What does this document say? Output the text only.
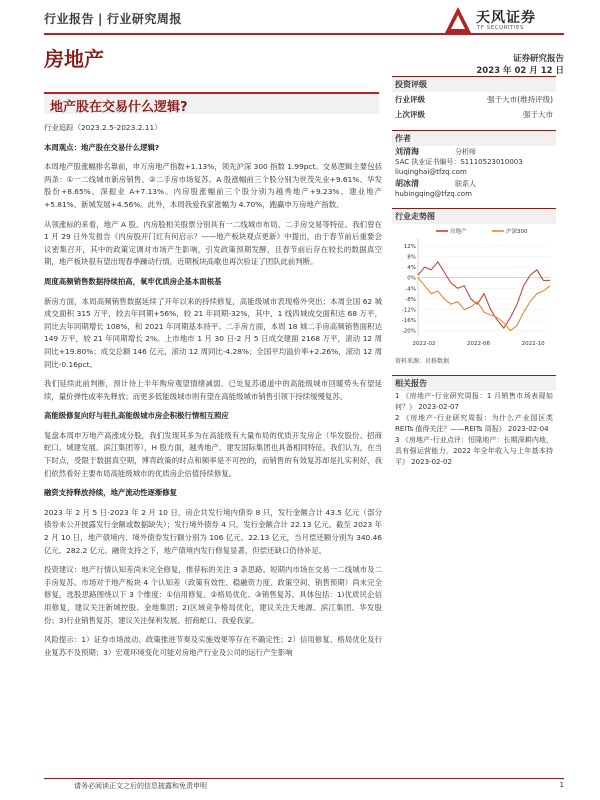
行业报告 | 行业研究周报	天风证券
TF SECURITIES
房地产	证券研究报告
2023 年 02 月 12 日
地产股在交易什么逻辑?

行业追踪（2023.2.5-2023.2.11）

本周观点：地产股在交易什么逻辑?

本周地产股涨幅排名靠前，申万房地产指数+1.13%，领先沪深 300 指数 1.99pct。交易逻辑主要包括两条：①一二线城市新房销售、②二手房市场复苏。A 股涨幅前三个股分别为世茂先业+9.61%、华发股份+8.65%、深振业 A+7.13%。内房股涨幅前三个股分别为越秀地产+9.23%、建业地产+5.81%、新城发展+4.56%。此外，本周我爱我家涨幅为 4.70%，跑赢申万房地产指数。

从领涨标的来看，地产 A 股、内房股相关股票分别具有一二线城市布局、二手房交易等特征。我们曾在 1 月 29 日外发报告《内房股开门红有何启示？——地产板块观点更新》中提出，由于春节前后重要会议密集召开，其中的政策定调对市场产生影响，引发政策预期发酵，且春节前后存在较长的数据真空期，地产板块很有望出现春季躁动行情，近期板块高歌也再次验证了团队此前判断。

周度高频销售数据持续拍高，氧牢优质房企基本面根基

新房方面，本周高频销售数据延续了开年以来的持续修复，高能级城市表现格外突出；本周全国 62 城成交面积 315 万平，较去年同期+56%，较 21 年同期-32%，其中，1 线四城成交面积达 68 万平，同比去年同期增长 108%，和 2021 年同期基本持平。二手房方面，本周 18 城二手房高频销售面积达 149 万平，较 21 年同期增长 2%。上市地市 1 月 30 日-2 月 5 日成交建面 2168 万平，滚动 12 周同比+19.80%；成交总额 146 亿元，滚动 12 周同比-4.28%；全国平均溢价率+2.26%，滚动 12 周同比-0.16pct。

我们延续此前判断，预计待上半年购房观望情绪减弱、已处复苏通道中的高能级城市回暖势头有望延续，量价弹性或率先释放；而更多低能级城市则有望在高能级城市销售引领下持续缓慢复苏。

高能级修复向好与驻扎高能级城市房企积极行情相互照应

复盘本周申万地产高涨成分股，我们发现其多为在高能级有大量布局的优质开发房企（华发股份、招商蛇口、城建发展、滨江集团等），H 股方面，越秀地产、建发国际集团也具备相同特征。我们认为，在当下时点，受限于数据真空期，博弈政策的时点和频率是不可控的，而销售的有效复苏却是扎实利好，我们依然看好主要布局高能级城市的优质房企估值持续修复。

融资支持释放持续，地产流动性逐渐修复

2023 年 2 月 5 日-2023 年 2 月 10 日，房企共发行境内债券 8 只，发行金额合计 43.5 亿元（部分债券未公开披露发行金额或数据缺失）；发行境外债券 4 只，发行金额合计 22.13 亿元。截至 2023 年 2 月 10 日，地产债境内、境外债券发行额分别为 106 亿元、22.13 亿元，当月偿还额分别为 340.46 亿元、282.2 亿元。融资支持之下，地产债境内发行修复显著，但偿还缺口仍待补足。

投资建议：地产行情认知差尚未完全修复，推荐标的关注 3 条思路。短期内市场在交易一二线城市及二手房复苏。市场对于地产板块 4 个认知差（政策有效性、稳融资力度、政策空间、销售预期）尚未完全修复，选股思路围绕以下 3 个维度：①信用修复、②格局优化、③销售复苏，具体包括：1)优质民企信用修复，建议关注新城控股、金地集团；2)区域竞争格局优化，建议关注天地源、滨江集团、华发股份；3)行业销售复苏，建议关注保利发展、招商蛇口、我爱我家。

风险提示：1）证券市场波动、政策推进节奏及实施效果等存在不确定性；2）信用修复、格局优化及行业复苏不及预期；3）宏观环境变化可能对房地产行业及公司的运行产生影响

投资评级
行业评级	强于大市(维持评级)
上次评级	强于大市
作者
刘清海	分析师
SAC 执业证书编号：S1110523010003
liuqinghai@tfzq.com
胡冰清	联系人
hubingqing@tfzq.com
行业走势图
12%
8%
4%
0%
-4%
-8%
-12%
-16%
-20%
2022-02	2022-06	2022-10
房地产	沪深300
资料来源：贝格数据
相关报告

1 《房地产-行业研究周报：1 月销售市场表现如何？》 2023-02-07

2 《房地产-行业研究周报：为什么产业园区类 REITs 值得关注？——REITs 周报》 2023-02-04

3 《房地产-行业点评：恒隆地产：长期深耕内地，具有强运营能力，2022 年全年收入与上年基本持平》 2023-02-02

请务必阅读正文之后的信息披露和免责申明	1
